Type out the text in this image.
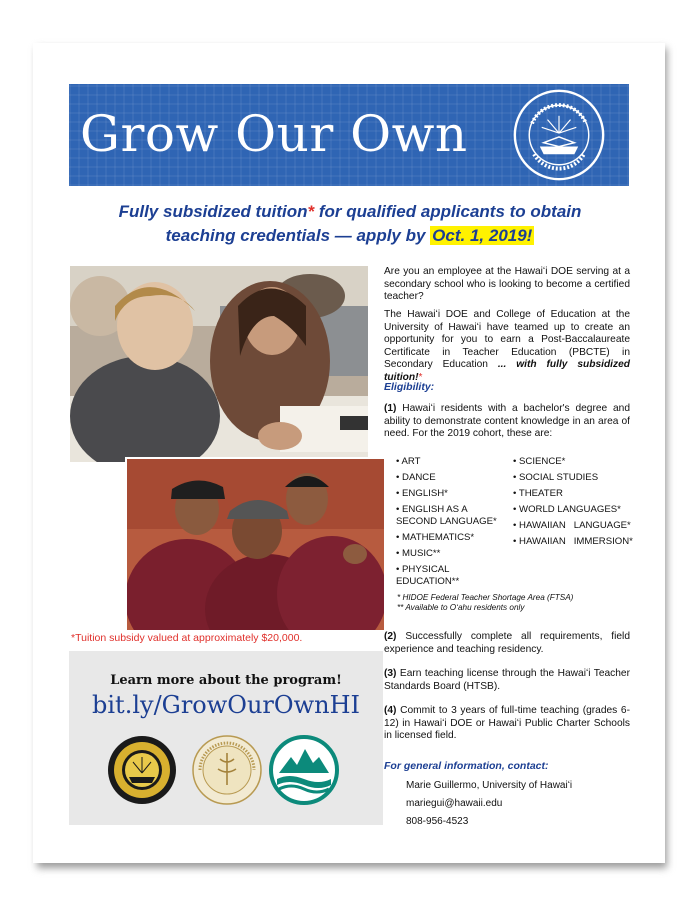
Grow Our Own
Fully subsidized tuition* for qualified applicants to obtain
teaching credentials — apply by Oct. 1, 2019!
*Tuition subsidy valued at approximately $20,000.
Learn more about the program!
bit.ly/GrowOurOwnHI
Are you an employee at the Hawaiʻi DOE serving at a secondary school who is looking to become a certified teacher?
The Hawaiʻi DOE and College of Education at the University of Hawaiʻi have teamed up to create an opportunity for you to earn a Post-Baccalaureate Certificate in Teacher Education (PBCTE) in Secondary Education ... with fully subsidized tuition!*
Eligibility:
(1) Hawaiʻi residents with a bachelor's degree and ability to demonstrate content knowledge in an area of need. For the 2019 cohort, these are:
• ART
• DANCE
• ENGLISH*
• ENGLISH AS A   SECOND LANGUAGE*
• MATHEMATICS*
• MUSIC**
• PHYSICAL   EDUCATION**
• SCIENCE*
• SOCIAL STUDIES
• THEATER
• WORLD LANGUAGES*
• HAWAIIAN   LANGUAGE*
• HAWAIIAN   IMMERSION*
* HIDOE Federal Teacher Shortage Area (FTSA)
** Available to Oʻahu residents only
(2) Successfully complete all requirements, field experience and teaching residency.
(3) Earn teaching license through the Hawaiʻi Teacher Standards Board (HTSB).
(4) Commit to 3 years of full-time teaching (grades 6-12) in Hawaiʻi DOE or Hawaiʻi Public Charter Schools in licensed field.
For general information, contact:
Marie Guillermo, University of Hawaiʻi
mariegui@hawaii.edu
808-956-4523
